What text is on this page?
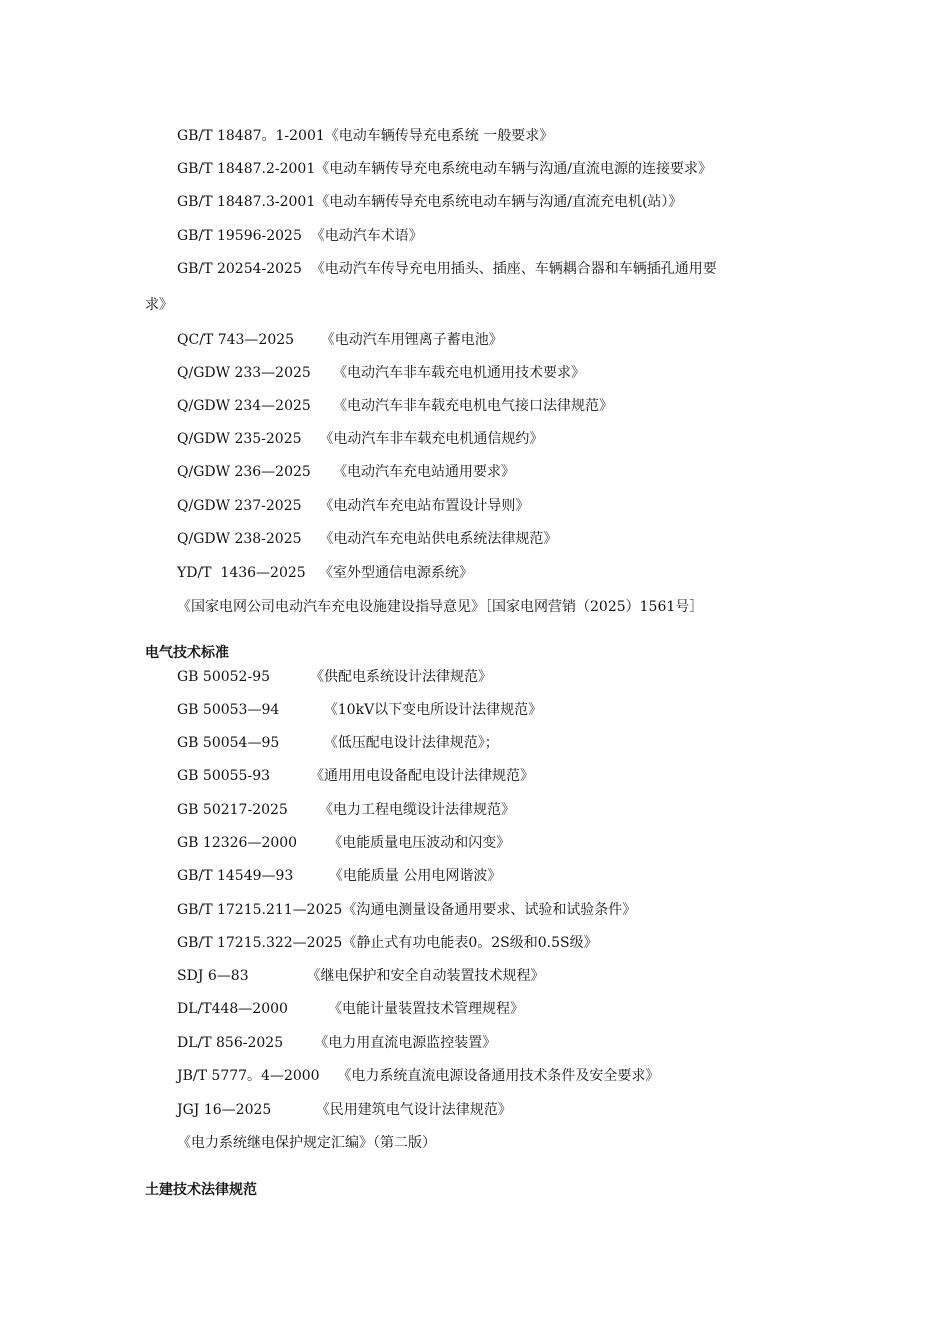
GB/T 18487。1-2001《电动车辆传导充电系统 一般要求》
GB/T 18487.2-2001《电动车辆传导充电系统电动车辆与沟通/直流电源的连接要求》
GB/T 18487.3-2001《电动车辆传导充电系统电动车辆与沟通/直流充电机(站）》
GB/T 19596-2025  《电动汽车术语》
GB/T 20254-2025  《电动汽车传导充电用插头、插座、车辆耦合器和车辆插孔通用要
求》
QC/T 743—2025      《电动汽车用锂离子蓄电池》
Q/GDW 233—2025     《电动汽车非车载充电机通用技术要求》
Q/GDW 234—2025     《电动汽车非车载充电机电气接口法律规范》
Q/GDW 235-2025    《电动汽车非车载充电机通信规约》
Q/GDW 236—2025     《电动汽车充电站通用要求》
Q/GDW 237-2025    《电动汽车充电站布置设计导则》
Q/GDW 238-2025    《电动汽车充电站供电系统法律规范》
YD/T  1436—2025   《室外型通信电源系统》
《国家电网公司电动汽车充电设施建设指导意见》［国家电网营销（2025）1561号］
电气技术标准
GB 50052-95         《供配电系统设计法律规范》
GB 50053—94          《10kV以下变电所设计法律规范》
GB 50054—95          《低压配电设计法律规范》；
GB 50055-93         《通用用电设备配电设计法律规范》
GB 50217-2025       《电力工程电缆设计法律规范》
GB 12326—2000       《电能质量电压波动和闪变》
GB/T 14549—93        《电能质量 公用电网谐波》
GB/T 17215.211—2025《沟通电测量设备通用要求、试验和试验条件》
GB/T 17215.322—2025《静止式有功电能表0。2S级和0.5S级》
SDJ 6—83             《继电保护和安全自动装置技术规程》
DL/T448—2000         《电能计量装置技术管理规程》
DL/T 856-2025       《电力用直流电源监控装置》
JB/T 5777。4—2000    《电力系统直流电源设备通用技术条件及安全要求》
JGJ 16—2025          《民用建筑电气设计法律规范》
《电力系统继电保护规定汇编》（第二版）
土建技术法律规范
